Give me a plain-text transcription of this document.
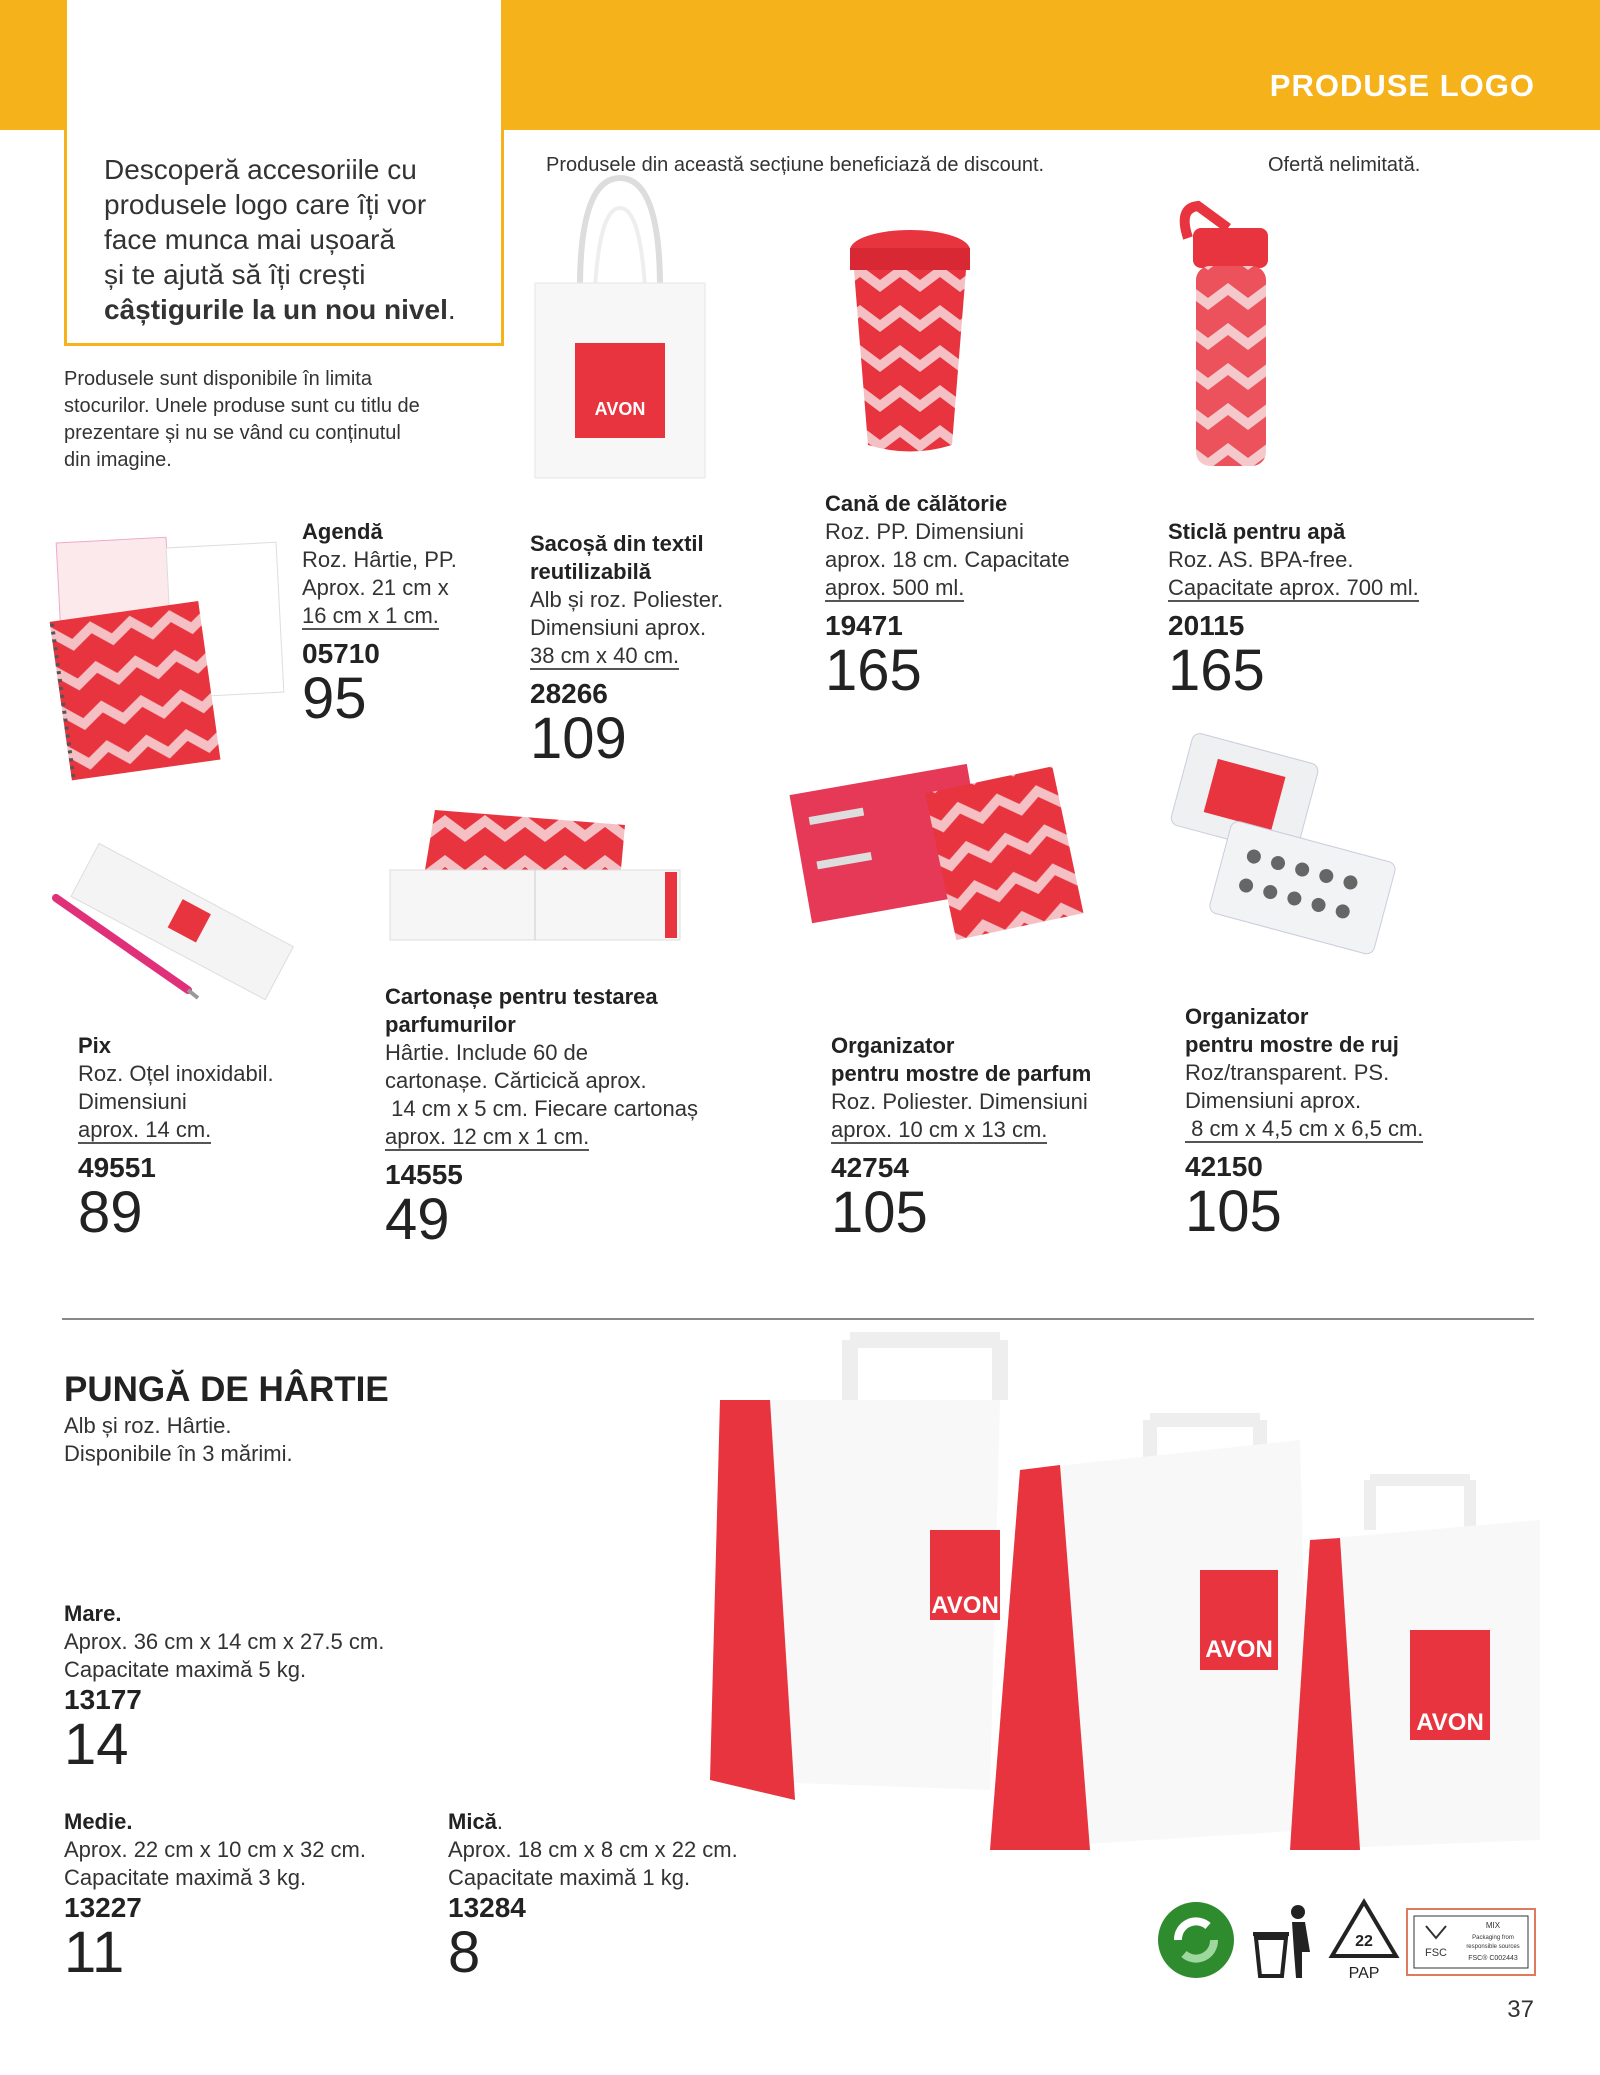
PRODUSE LOGO
Descoperă accesoriile cu
produsele logo care îți vor
face munca mai ușoară
și te ajută să îți crești
câștigurile la un nou nivel.
Produsele din această secțiune beneficiază de discount.	Ofertă nelimitată.
Produsele sunt disponibile în limita
stocurilor. Unele produse sunt cu titlu de
prezentare și nu se vând cu conținutul
din imagine.
AVON
Agendă
Roz. Hârtie, PP.
Aprox. 21 cm x
16 cm x 1 cm.
05710
95
Sacoșă din textil
reutilizabilă
Alb și roz. Poliester.
Dimensiuni aprox.
38 cm x 40 cm.
28266
109
Cană de călătorie
Roz. PP. Dimensiuni
aprox. 18 cm. Capacitate
aprox. 500 ml.
19471
165
Sticlă pentru apă
Roz. AS. BPA-free.
Capacitate aprox. 700 ml.
20115
165
Pix
Roz. Oțel inoxidabil.
Dimensiuni
aprox. 14 cm.
49551
89
Cartonașe pentru testarea
parfumurilor
Hârtie. Include 60 de
cartonașe. Cărticică aprox.
14 cm x 5 cm. Fiecare cartonaș
aprox. 12 cm x 1 cm.
14555
49
Organizator
pentru mostre de parfum
Roz. Poliester. Dimensiuni
aprox. 10 cm x 13 cm.
42754
105
Organizator
pentru mostre de ruj
Roz/transparent. PS.
Dimensiuni aprox.
8 cm x 4,5 cm x 6,5 cm.
42150
105
PUNGĂ DE HÂRTIE
Alb și roz. Hârtie.
Disponibile în 3 mărimi.
Mare.
Aprox. 36 cm x 14 cm x 27.5 cm.
Capacitate maximă 5 kg.
13177
14
Medie.
Aprox. 22 cm x 10 cm x 32 cm.
Capacitate maximă 3 kg.
13227
11
Mică.
Aprox. 18 cm x 8 cm x 22 cm.
Capacitate maximă 1 kg.
13284
8
AVON
AVON
AVON
22
PAP
FSC
MIX
Packaging from
responsible sources
FSC® C002443
37
